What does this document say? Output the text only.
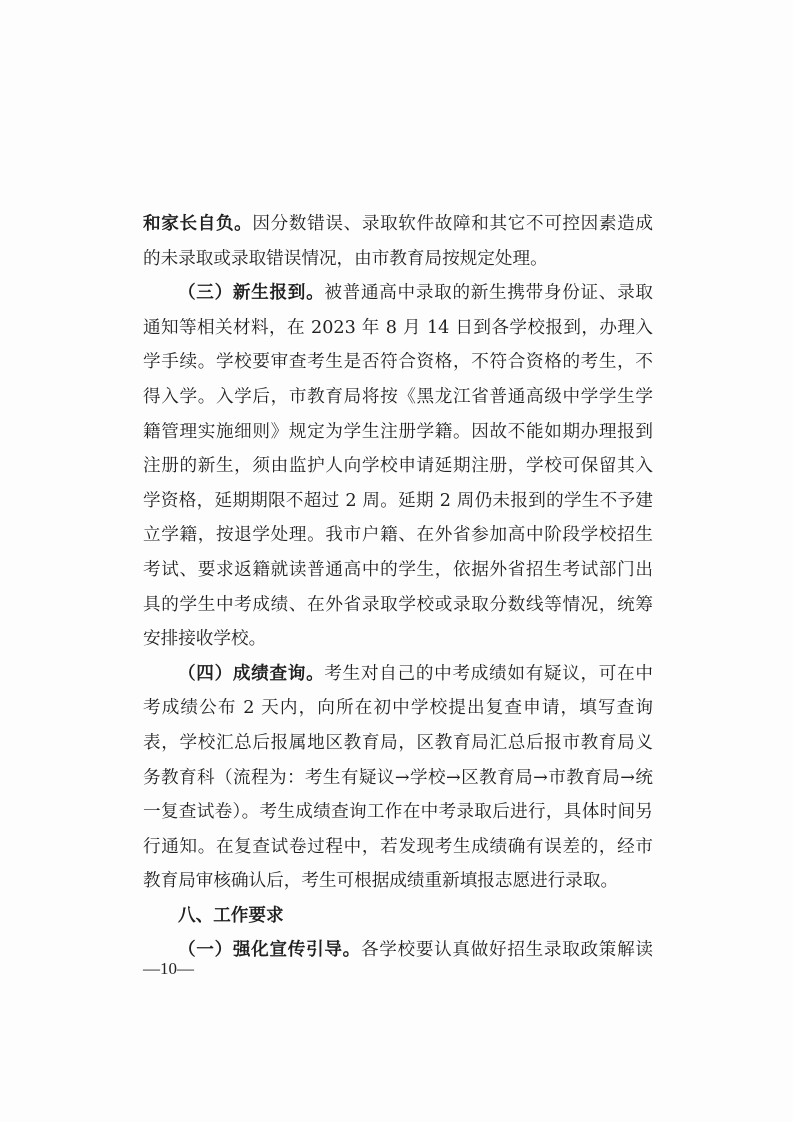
和家长自负。因分数错误、录取软件故障和其它不可控因素造成的未录取或录取错误情况，由市教育局按规定处理。

（三）新生报到。被普通高中录取的新生携带身份证、录取通知等相关材料，在 2023 年 8 月 14 日到各学校报到，办理入学手续。学校要审查考生是否符合资格，不符合资格的考生，不得入学。入学后，市教育局将按《黑龙江省普通高级中学学生学籍管理实施细则》规定为学生注册学籍。因故不能如期办理报到注册的新生，须由监护人向学校申请延期注册，学校可保留其入学资格，延期期限不超过 2 周。延期 2 周仍未报到的学生不予建立学籍，按退学处理。我市户籍、在外省参加高中阶段学校招生考试、要求返籍就读普通高中的学生，依据外省招生考试部门出具的学生中考成绩、在外省录取学校或录取分数线等情况，统筹安排接收学校。

（四）成绩查询。考生对自己的中考成绩如有疑议，可在中考成绩公布 2 天内，向所在初中学校提出复查申请，填写查询表，学校汇总后报属地区教育局，区教育局汇总后报市教育局义务教育科（流程为：考生有疑议→学校→区教育局→市教育局→统一复查试卷）。考生成绩查询工作在中考录取后进行，具体时间另行通知。在复查试卷过程中，若发现考生成绩确有误差的，经市教育局审核确认后，考生可根据成绩重新填报志愿进行录取。

八、工作要求

（一）强化宣传引导。各学校要认真做好招生录取政策解读

—10—
